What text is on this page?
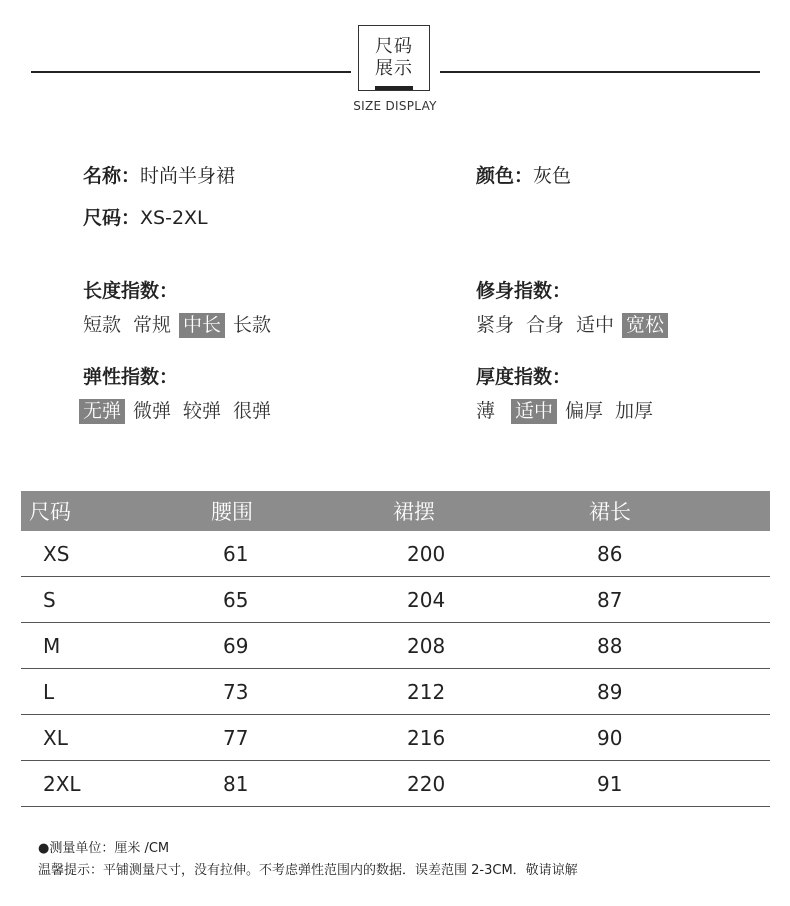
尺码
展示
SIZE DISPLAY
名称：时尚半身裙	颜色：灰色
尺码：XS-2XL
长度指数：
短款 常规 中长 长款
修身指数：
紧身 合身 适中 宽松
弹性指数：
无弹 微弹 较弹 很弹
厚度指数：
薄 适中 偏厚 加厚
尺码	腰围	裙摆	裙长
XS	61	200	86
S	65	204	87
M	69	208	88
L	73	212	89
XL	77	216	90
2XL	81	220	91
●测量单位：厘米 /CM
温馨提示：平铺测量尺寸，没有拉伸。不考虑弹性范围内的数据．误差范围 2-3CM．敬请谅解
